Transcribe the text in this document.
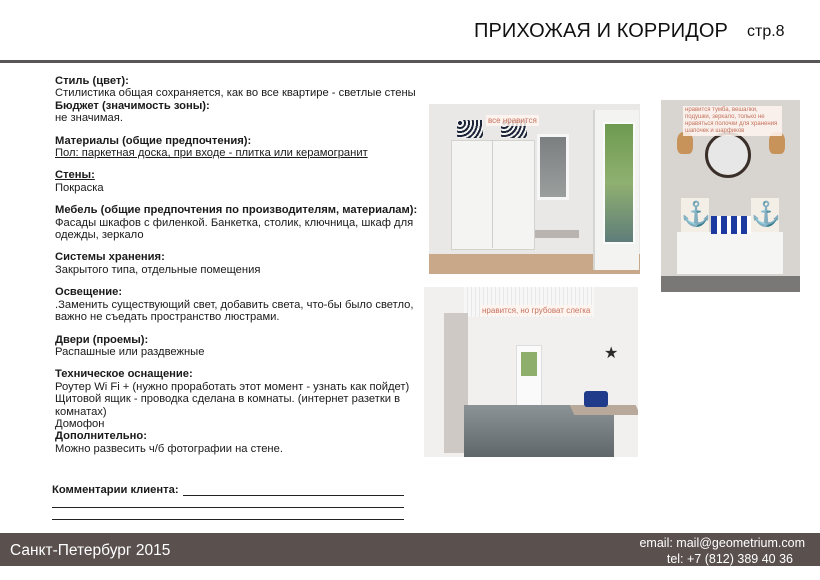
ПРИХОЖАЯ И КОРРИДОР стр.8
Стиль (цвет):
Стилистика общая сохраняется, как во все квартире - светлые стены
Бюджет (значимость зоны):
не значимая.
Материалы (общие предпочтения):
Пол: паркетная доска, при входе - плитка или керамогранит
Стены:
Покраска
Мебель (общие предпочтения по производителям, материалам):
Фасады шкафов с филенкой. Банкетка, столик, ключница, шкаф для одежды, зеркало
Системы хранения:
Закрытого типа, отдельные помещения
Освещение:
.Заменить существующий свет, добавить света, что-бы было светло, важно не съедать пространство люстрами.
Двери (проемы):
Распашные или раздвежные
Техническое оснащение:
Роутер Wi Fi + (нужно проработать этот момент - узнать как пойдет)
Щитовой ящик - проводка сделана в комнаты. (интернет разетки в комнатах)
Домофон
Дополнительно:
Можно развесить ч/б фотографии на стене.
Комментарии клиента:
все нравится
⚓ ⚓
нравится тумба, вешалки, подушки, зеркало, только не нравяться полочки для хранения шапочек и шарфиков
★
нравится, но грубоват слегка
Санкт-Петербург 2015	email: mail@geometrium.com
tel: +7 (812) 389 40 36
